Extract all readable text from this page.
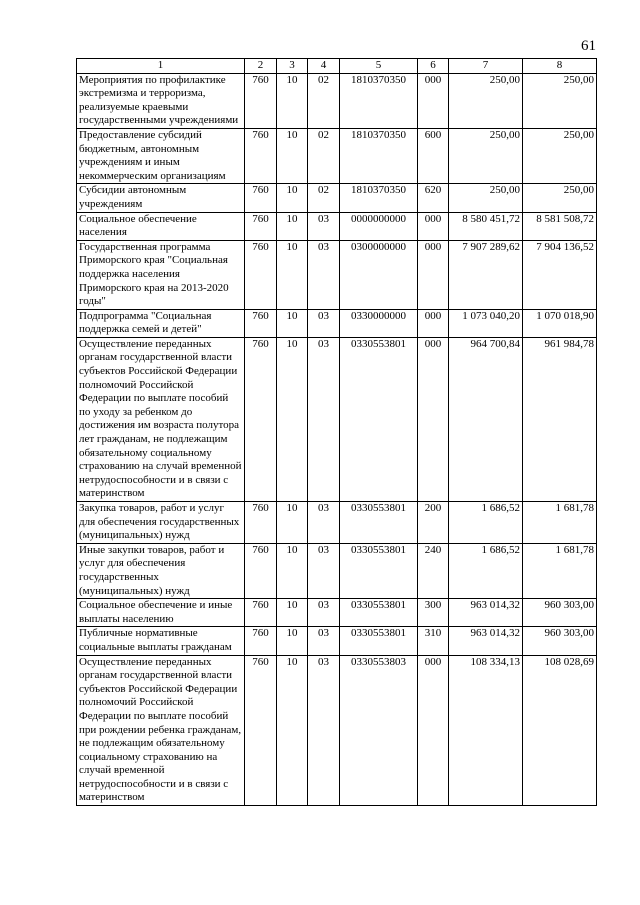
61
1	2	3	4	5	6	7	8
Мероприятия по профилактике экстремизма и терроризма, реализуемые краевыми государственными учреждениями	760	10	02	1810370350	000	250,00	250,00
Предоставление субсидий бюджетным, автономным учреждениям и иным некоммерческим организациям	760	10	02	1810370350	600	250,00	250,00
Субсидии автономным учреждениям	760	10	02	1810370350	620	250,00	250,00
Социальное обеспечение населения	760	10	03	0000000000	000	8 580 451,72	8 581 508,72
Государственная программа Приморского края "Социальная поддержка населения Приморского края на 2013-2020 годы"	760	10	03	0300000000	000	7 907 289,62	7 904 136,52
Подпрограмма "Социальная поддержка семей и детей"	760	10	03	0330000000	000	1 073 040,20	1 070 018,90
Осуществление переданных органам государственной власти субъектов Российской Федерации полномочий Российской Федерации по выплате пособий по уходу за ребенком до достижения им возраста полутора лет гражданам, не подлежащим обязательному социальному страхованию на случай временной нетрудоспособности и в связи с материнством	760	10	03	0330553801	000	964 700,84	961 984,78
Закупка товаров, работ и услуг для обеспечения государственных (муниципальных) нужд	760	10	03	0330553801	200	1 686,52	1 681,78
Иные закупки товаров, работ и услуг для обеспечения государственных (муниципальных) нужд	760	10	03	0330553801	240	1 686,52	1 681,78
Социальное обеспечение и иные выплаты населению	760	10	03	0330553801	300	963 014,32	960 303,00
Публичные нормативные социальные выплаты гражданам	760	10	03	0330553801	310	963 014,32	960 303,00
Осуществление переданных органам государственной власти субъектов Российской Федерации полномочий Российской Федерации по выплате пособий при рождении ребенка гражданам, не подлежащим обязательному социальному страхованию на случай временной нетрудоспособности и в связи с материнством	760	10	03	0330553803	000	108 334,13	108 028,69
